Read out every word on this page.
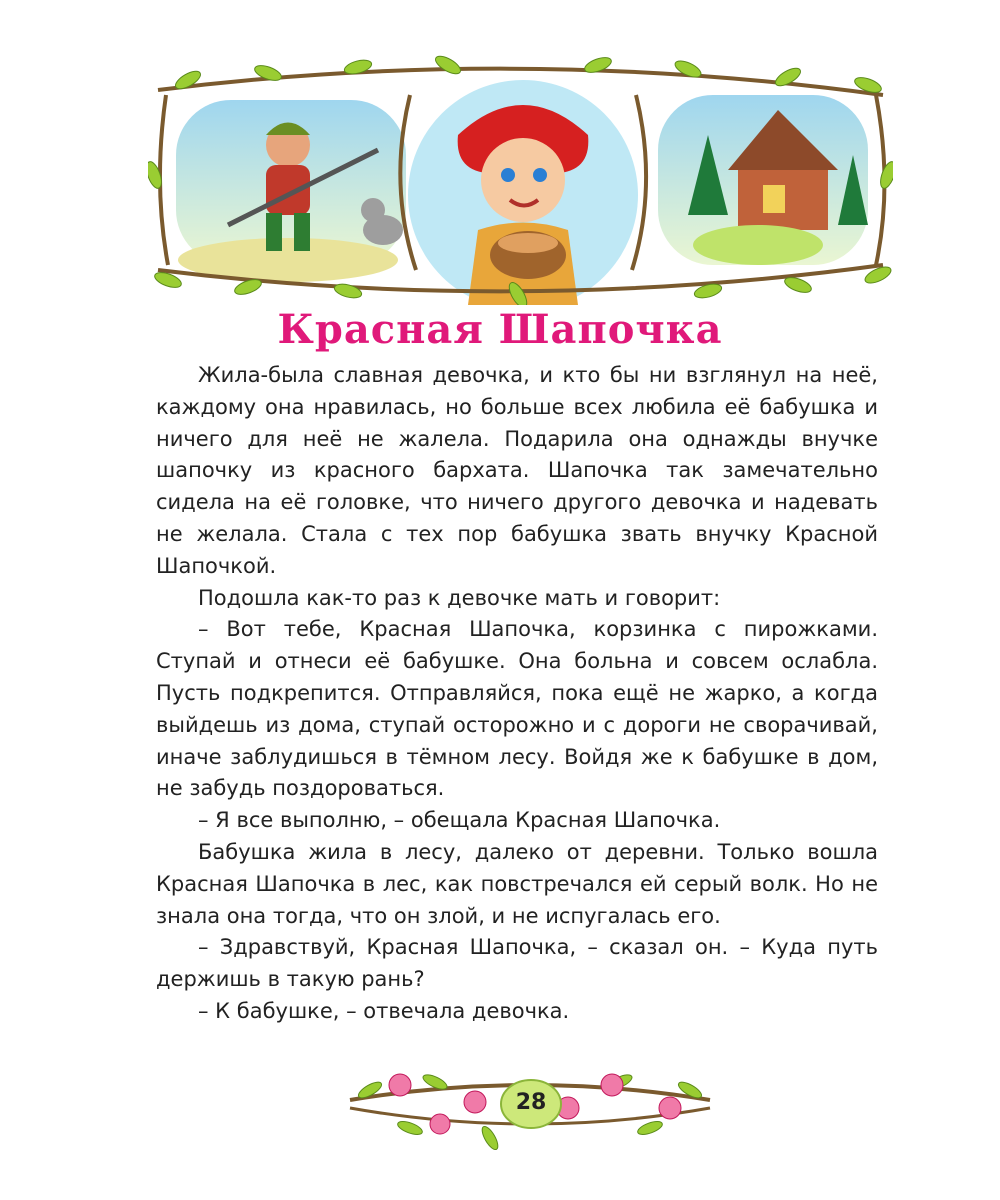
Красная Шапочка

Жила-была славная девочка, и кто бы ни взглянул на неё, каждому она нравилась, но больше всех любила её бабушка и ничего для неё не жалела. Подарила она однажды внучке шапочку из красного бархата. Шапочка так замечательно сидела на её головке, что ничего другого девочка и надевать не желала. Стала с тех пор бабушка звать внучку Красной Шапочкой.

Подошла как-то раз к девочке мать и говорит:

– Вот тебе, Красная Шапочка, корзинка с пирожками. Ступай и отнеси её бабушке. Она больна и совсем ослабла. Пусть подкрепится. Отправляйся, пока ещё не жарко, а когда выйдешь из дома, ступай осторожно и с дороги не сворачивай, иначе заблудишься в тёмном лесу. Войдя же к бабушке в дом, не забудь поздороваться.

– Я все выполню, – обещала Красная Шапочка.

Бабушка жила в лесу, далеко от деревни. Только вошла Красная Шапочка в лес, как повстречался ей серый волк. Но не знала она тогда, что он злой, и не испугалась его.

– Здравствуй, Красная Шапочка, – сказал он. – Куда путь держишь в такую рань?

– К бабушке, – отвечала девочка.

28
